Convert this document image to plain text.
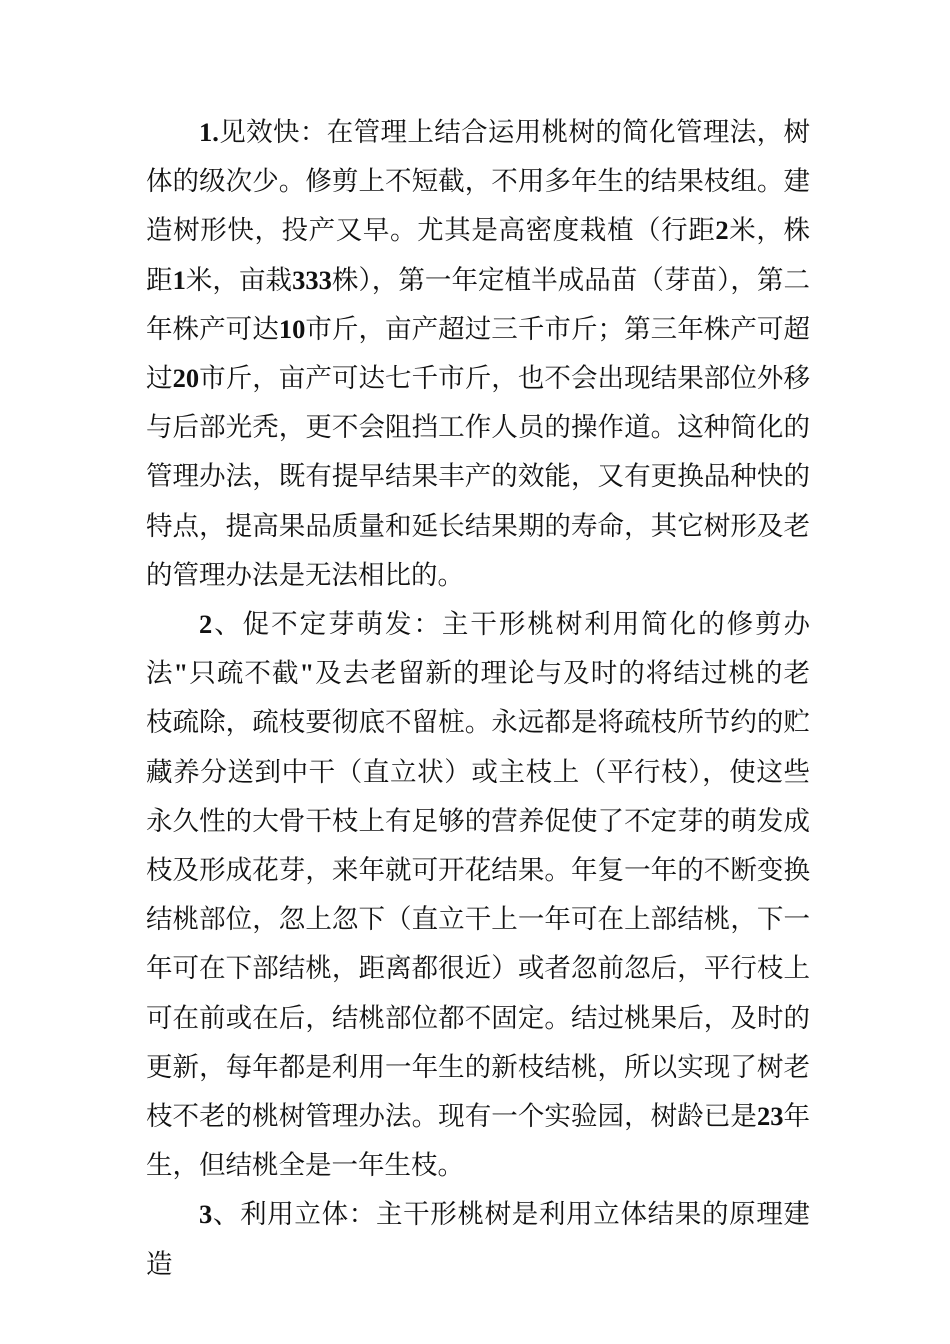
1.见效快：在管理上结合运用桃树的简化管理法，树体的级次少。修剪上不短截，不用多年生的结果枝组。建造树形快，投产又早。尤其是高密度栽植（行距2米，株距1米，亩栽333株），第一年定植半成品苗（芽苗），第二年株产可达10市斤，亩产超过三千市斤；第三年株产可超过20市斤，亩产可达七千市斤，也不会出现结果部位外移与后部光秃，更不会阻挡工作人员的操作道。这种简化的管理办法，既有提早结果丰产的效能，又有更换品种快的特点，提高果品质量和延长结果期的寿命，其它树形及老的管理办法是无法相比的。

2、促不定芽萌发：主干形桃树利用简化的修剪办法"只疏不截"及去老留新的理论与及时的将结过桃的老枝疏除，疏枝要彻底不留桩。永远都是将疏枝所节约的贮藏养分送到中干（直立状）或主枝上（平行枝），使这些永久性的大骨干枝上有足够的营养促使了不定芽的萌发成枝及形成花芽，来年就可开花结果。年复一年的不断变换结桃部位，忽上忽下（直立干上一年可在上部结桃，下一年可在下部结桃，距离都很近）或者忽前忽后，平行枝上可在前或在后，结桃部位都不固定。结过桃果后，及时的更新，每年都是利用一年生的新枝结桃，所以实现了树老枝不老的桃树管理办法。现有一个实验园，树龄已是23年生，但结桃全是一年生枝。

3、利用立体：主干形桃树是利用立体结果的原理建造
